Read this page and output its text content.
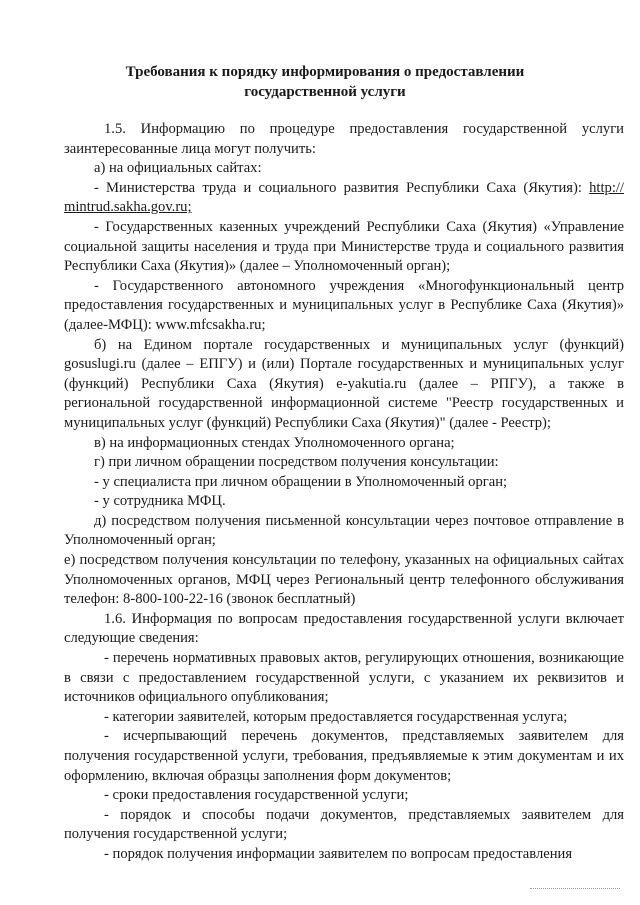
Требования к порядку информирования о предоставлении
государственной услуги

1.5. Информацию по процедуре предоставления государственной услуги заинтересованные лица могут получить:

а) на официальных сайтах:

- Министерства труда и социального развития Республики Саха (Якутия): http:// mintrud.sakha.gov.ru;

- Государственных казенных учреждений Республики Саха (Якутия) «Управление социальной защиты населения и труда при Министерстве труда и социального развития Республики Саха (Якутия)» (далее – Уполномоченный орган);

- Государственного автономного учреждения «Многофункциональный центр предоставления государственных и муниципальных услуг в Республике Саха (Якутия)» (далее-МФЦ): www.mfcsakha.ru;

б) на Едином портале государственных и муниципальных услуг (функций) gosuslugi.ru (далее – ЕПГУ) и (или) Портале государственных и муниципальных услуг (функций) Республики Саха (Якутия) e-yakutia.ru (далее – РПГУ), а также в региональной государственной информационной системе "Реестр государственных и муниципальных услуг (функций) Республики Саха (Якутия)" (далее - Реестр);

в) на информационных стендах Уполномоченного органа;

г) при личном обращении посредством получения консультации:

- у специалиста при личном обращении в Уполномоченный орган;

- у сотрудника МФЦ.

д) посредством получения письменной консультации через почтовое отправление в Уполномоченный орган;

е) посредством получения консультации по телефону, указанных на официальных сайтах Уполномоченных органов, МФЦ через Региональный центр телефонного обслуживания телефон: 8-800-100-22-16 (звонок бесплатный)

1.6. Информация по вопросам предоставления государственной услуги включает следующие сведения:

- перечень нормативных правовых актов, регулирующих отношения, возникающие в связи с предоставлением государственной услуги, с указанием их реквизитов и источников официального опубликования;

- категории заявителей, которым предоставляется государственная услуга;

- исчерпывающий перечень документов, представляемых заявителем для получения государственной услуги, требования, предъявляемые к этим документам и их оформлению, включая образцы заполнения форм документов;

- сроки предоставления государственной услуги;

- порядок и способы подачи документов, представляемых заявителем для получения государственной услуги;

- порядок получения информации заявителем по вопросам предоставления
